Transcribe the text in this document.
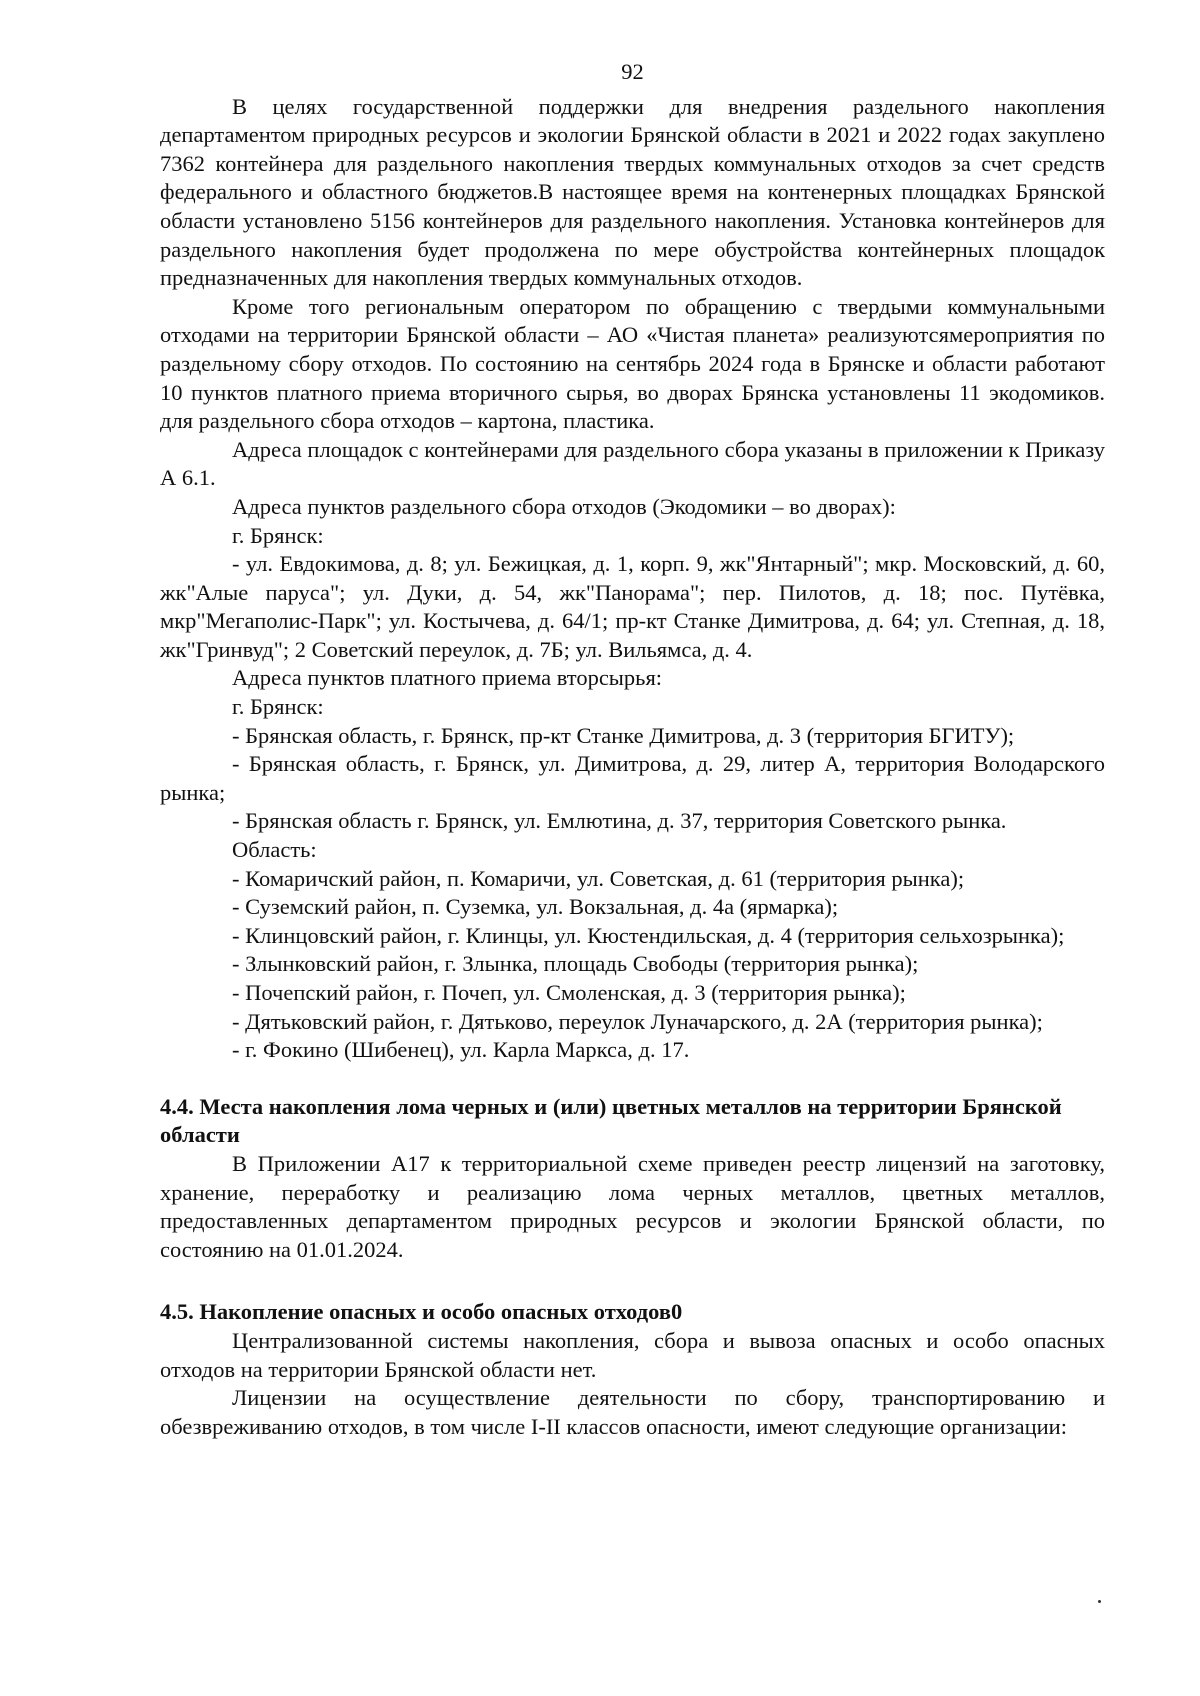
92

В целях государственной поддержки для внедрения раздельного накопления департаментом природных ресурсов и экологии Брянской области в 2021 и 2022 годах закуплено 7362 контейнера для раздельного накопления твердых коммунальных отходов за счет средств федерального и областного бюджетов.В настоящее время на контенерных площадках Брянской области установлено 5156 контейнеров для раздельного накопления. Установка контейнеров для раздельного накопления будет продолжена по мере обустройства контейнерных площадок предназначенных для накопления твердых коммунальных отходов.

Кроме того региональным оператором по обращению с твердыми коммунальными отходами на территории Брянской области – АО «Чистая планета» реализуютсямероприятия по раздельному сбору отходов. По состоянию на сентябрь 2024 года в Брянске и области работают 10 пунктов платного приема вторичного сырья, во дворах Брянска установлены 11 экодомиков. для раздельного сбора отходов – картона, пластика.

Адреса площадок с контейнерами для раздельного сбора указаны в приложении к Приказу А 6.1.

Адреса пунктов раздельного сбора отходов (Экодомики – во дворах):

г. Брянск:

- ул. Евдокимова, д. 8; ул. Бежицкая, д. 1, корп. 9, жк"Янтарный"; мкр. Московский, д. 60, жк"Алые паруса"; ул. Дуки, д. 54, жк"Панорама"; пер. Пилотов, д. 18; пос. Путёвка, мкр"Мегаполис-Парк"; ул. Костычева, д. 64/1; пр-кт Станке Димитрова, д. 64; ул. Степная, д. 18, жк"Гринвуд"; 2 Советский переулок, д. 7Б; ул. Вильямса, д. 4.

Адреса пунктов платного приема вторсырья:

г. Брянск:

- Брянская область, г. Брянск, пр-кт Станке Димитрова, д. 3 (территория БГИТУ);

- Брянская область, г. Брянск, ул. Димитрова, д. 29, литер А, территория Володарского рынка;

- Брянская область г. Брянск, ул. Емлютина, д. 37, территория Советского рынка.

Область:

- Комаричский район, п. Комаричи, ул. Советская, д. 61 (территория рынка);

- Суземский район, п. Суземка, ул. Вокзальная, д. 4а (ярмарка);

- Клинцовский район, г. Клинцы, ул. Кюстендильская, д. 4 (территория сельхозрынка);

- Злынковский район, г. Злынка, площадь Свободы (территория рынка);

- Почепский район, г. Почеп, ул. Смоленская, д. 3 (территория рынка);

- Дятьковский район, г. Дятьково, переулок Луначарского, д. 2А (территория рынка);

- г. Фокино (Шибенец), ул. Карла Маркса, д. 17.

4.4. Места накопления лома черных и (или) цветных металлов на территории Брянской области

В Приложении А17 к территориальной схеме приведен реестр лицензий на заготовку, хранение, переработку и реализацию лома черных металлов, цветных металлов, предоставленных департаментом природных ресурсов и экологии Брянской области, по состоянию на 01.01.2024.

4.5. Накопление опасных и особо опасных отходов0

Централизованной системы накопления, сбора и вывоза опасных и особо опасных отходов на территории Брянской области нет.

Лицензии на осуществление деятельности по сбору, транспортированию и обезвреживанию отходов, в том числе I-II классов опасности, имеют следующие организации:
